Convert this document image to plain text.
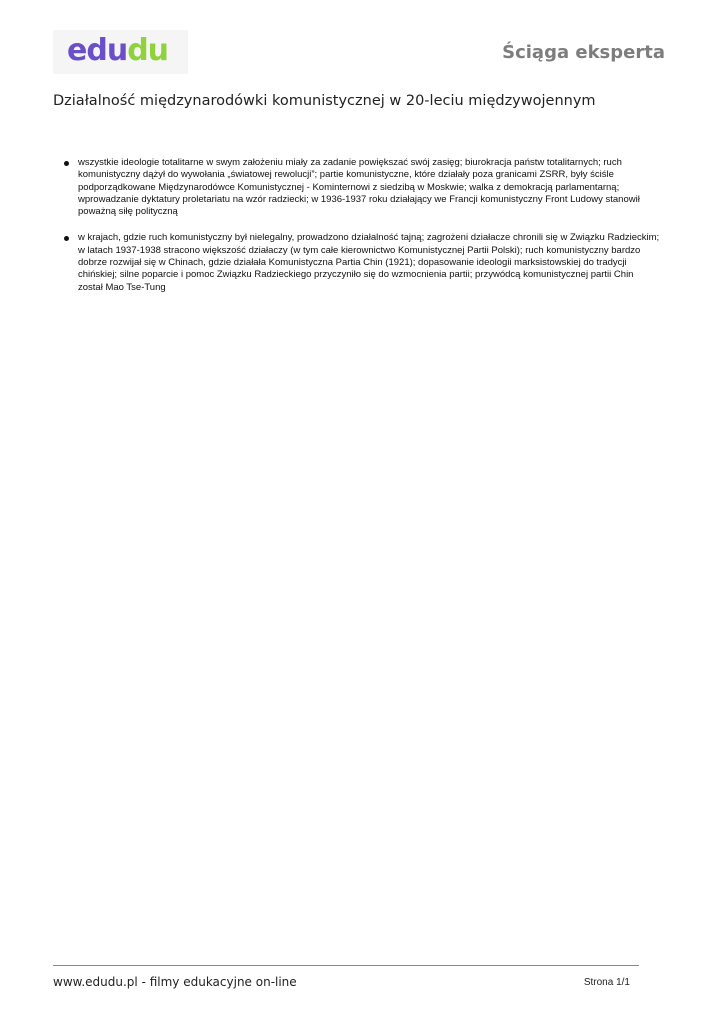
edudu	Ściąga eksperta
Działalność międzynarodówki komunistycznej w 20-leciu międzywojennym
wszystkie ideologie totalitarne w swym założeniu miały za zadanie powiększać swój zasięg; biurokracja państw totalitarnych; ruch komunistyczny dążył do wywołania „światowej rewolucji”; partie komunistyczne, które działały poza granicami ZSRR, były ściśle podporządkowane Międzynarodówce Komunistycznej - Kominternowi z siedzibą w Moskwie; walka z demokracją parlamentarną; wprowadzanie dyktatury proletariatu na wzór radziecki; w 1936-1937 roku działający we Francji komunistyczny Front Ludowy stanowił poważną siłę polityczną
w krajach, gdzie ruch komunistyczny był nielegalny, prowadzono działalność tajną; zagrożeni działacze chronili się w Związku Radzieckim; w latach 1937-1938 stracono większość działaczy (w tym całe kierownictwo Komunistycznej Partii Polski); ruch komunistyczny bardzo dobrze rozwijał się w Chinach, gdzie działała Komunistyczna Partia Chin (1921); dopasowanie ideologii marksistowskiej do tradycji chińskiej; silne poparcie i pomoc Związku Radzieckiego przyczyniło się do wzmocnienia partii; przywódcą komunistycznej partii Chin został Mao Tse-Tung
www.edudu.pl - filmy edukacyjne on-line	Strona 1/1
